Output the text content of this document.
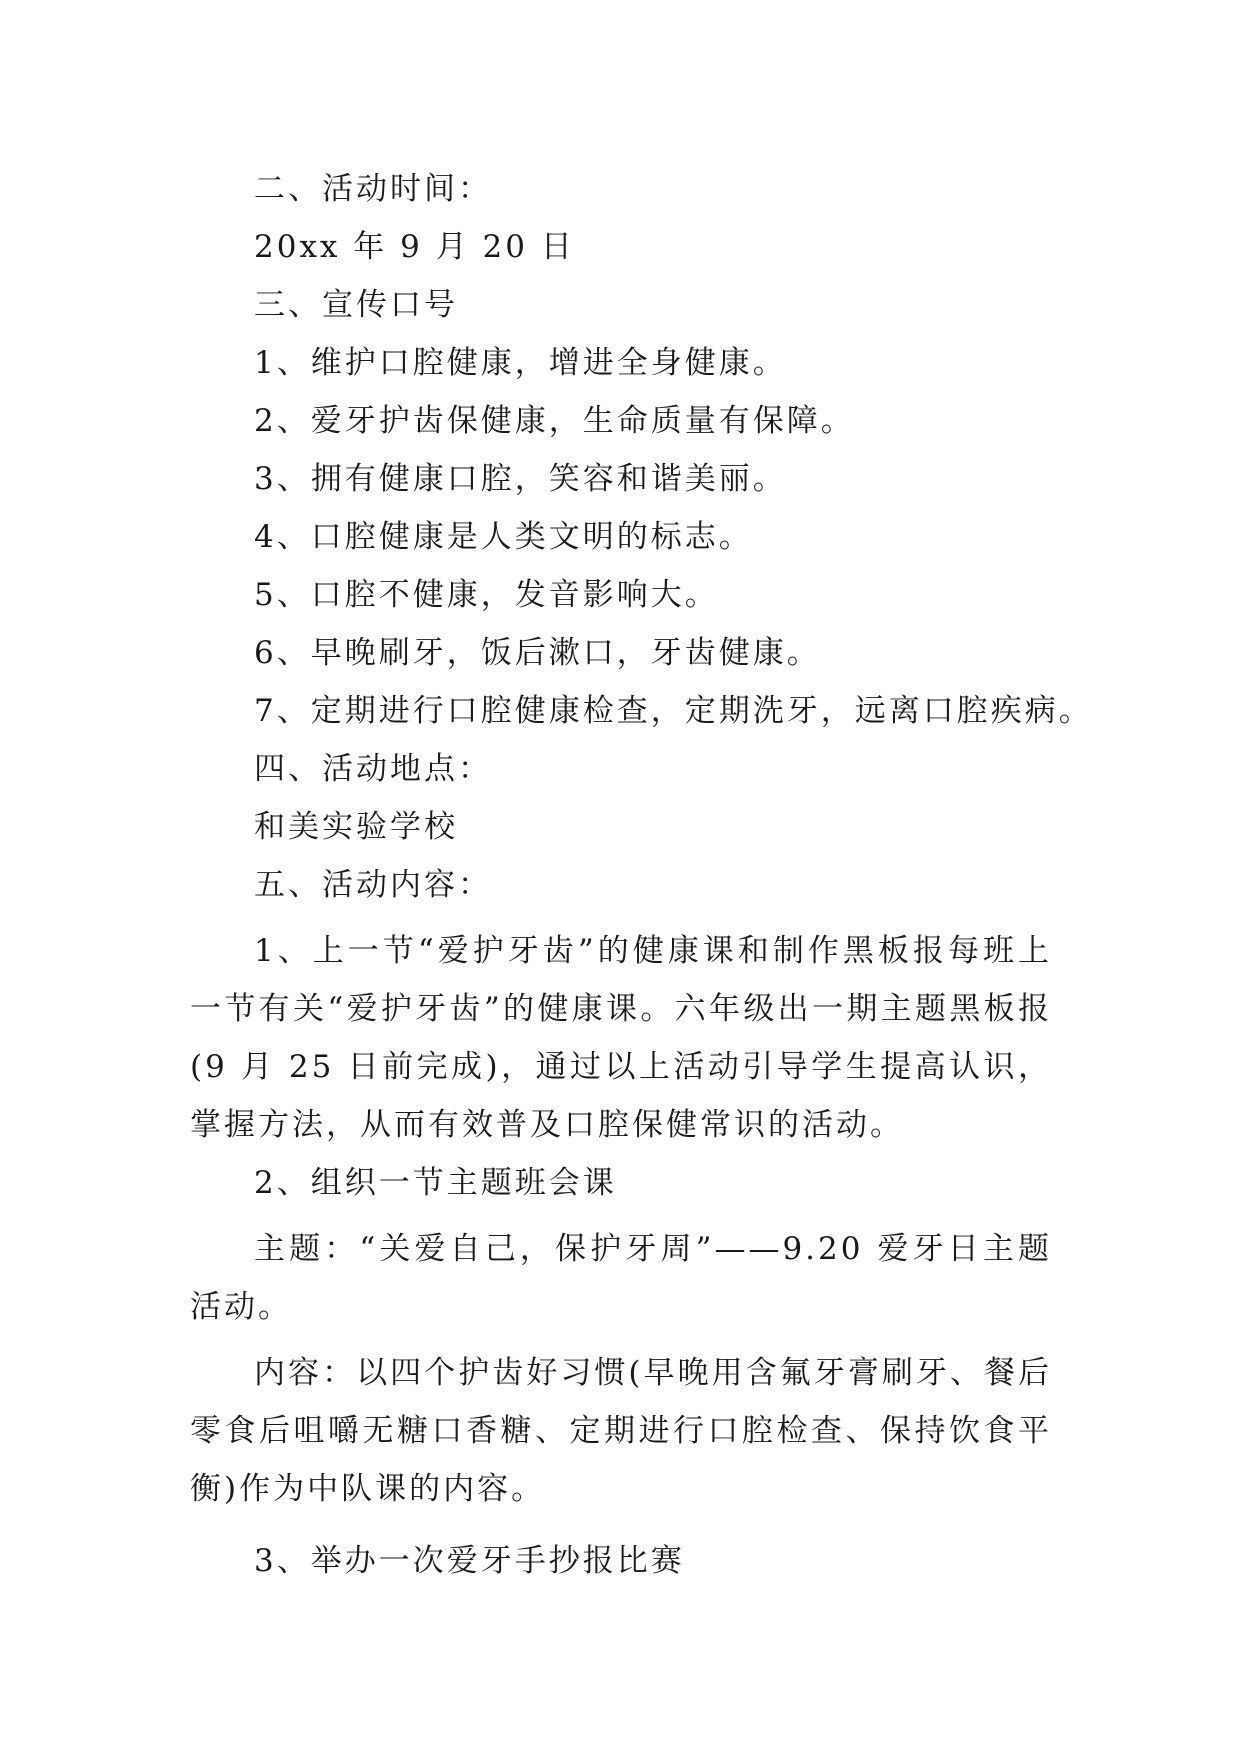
二、活动时间：
20xx 年 9 月 20 日
三、宣传口号
1、维护口腔健康，增进全身健康。
2、爱牙护齿保健康，生命质量有保障。
3、拥有健康口腔，笑容和谐美丽。
4、口腔健康是人类文明的标志。
5、口腔不健康，发音影响大。
6、早晚刷牙，饭后漱口，牙齿健康。
7、定期进行口腔健康检查，定期洗牙，远离口腔疾病。
四、活动地点：
和美实验学校
五、活动内容：

1、上一节“爱护牙齿”的健康课和制作黑板报每班上一节有关“爱护牙齿”的健康课。六年级出一期主题黑板报(9 月 25 日前完成)，通过以上活动引导学生提高认识，掌握方法，从而有效普及口腔保健常识的活动。

2、组织一节主题班会课

主题：“关爱自己，保护牙周”——9.20 爱牙日主题活动。

内容：以四个护齿好习惯(早晚用含氟牙膏刷牙、餐后零食后咀嚼无糖口香糖、定期进行口腔检查、保持饮食平衡)作为中队课的内容。

3、举办一次爱牙手抄报比赛
